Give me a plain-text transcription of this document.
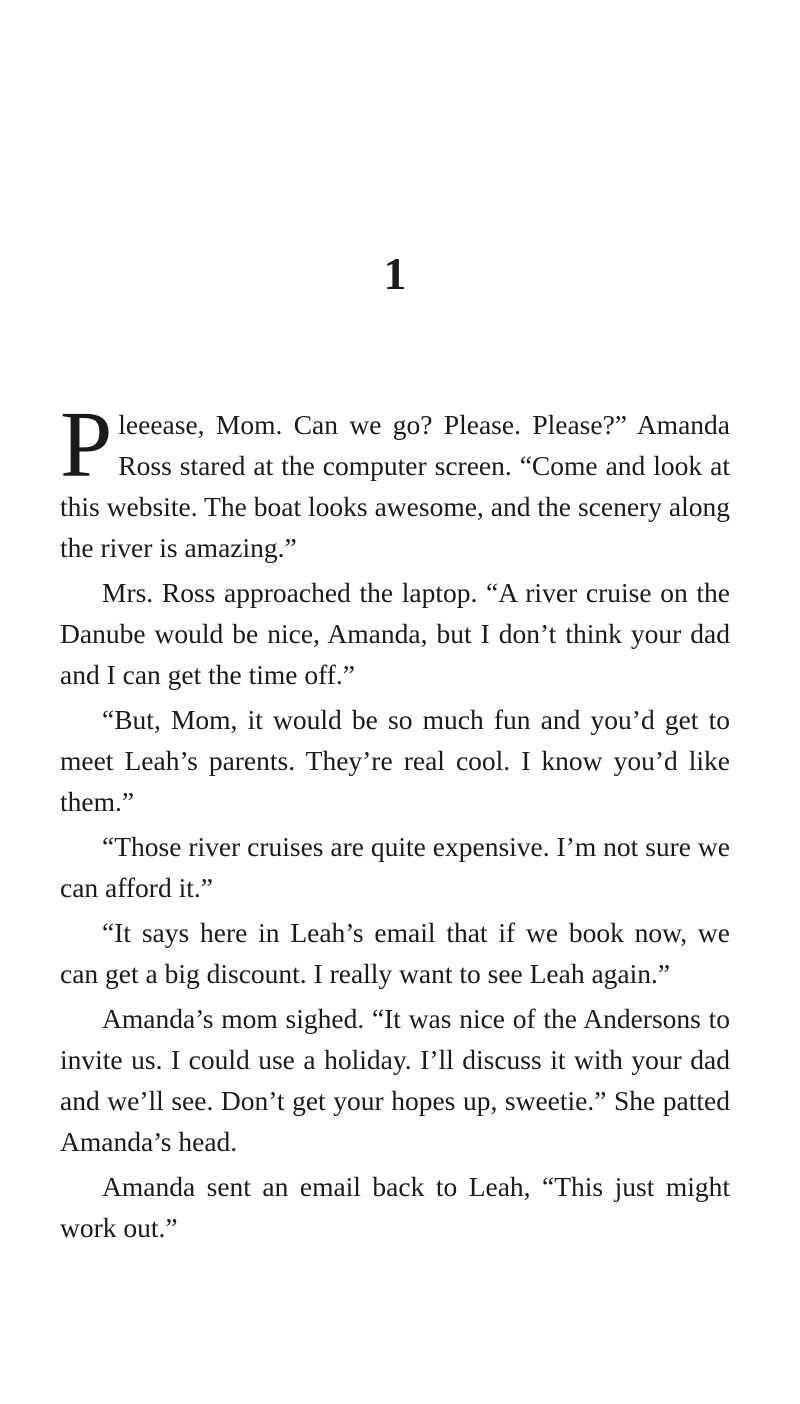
1

Pleeease, Mom. Can we go? Please. Please?” Amanda Ross stared at the computer screen. “Come and look at this website. The boat looks awesome, and the scenery along the river is amazing.”

Mrs. Ross approached the laptop. “A river cruise on the Danube would be nice, Amanda, but I don’t think your dad and I can get the time off.”

“But, Mom, it would be so much fun and you’d get to meet Leah’s parents. They’re real cool. I know you’d like them.”

“Those river cruises are quite expensive. I’m not sure we can afford it.”

“It says here in Leah’s email that if we book now, we can get a big discount. I really want to see Leah again.”

Amanda’s mom sighed. “It was nice of the Andersons to invite us. I could use a holiday. I’ll discuss it with your dad and we’ll see. Don’t get your hopes up, sweetie.” She patted Amanda’s head.

Amanda sent an email back to Leah, “This just might work out.”
